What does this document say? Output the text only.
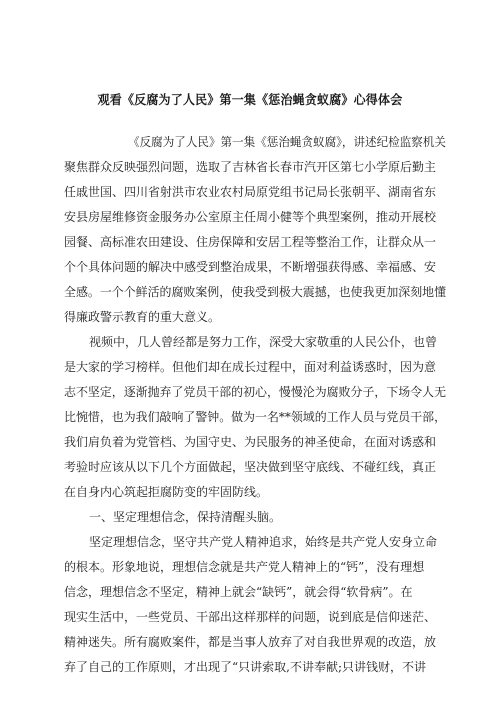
观看《反腐为了人民》第一集《惩治蝇贪蚁腐》心得体会
《反腐为了人民》第一集《惩治蝇贪蚁腐》，讲述纪检监察机关
聚焦群众反映强烈问题，选取了吉林省长春市汽开区第七小学原后勤主
任戚世国、四川省射洪市农业农村局原党组书记局长张朝平、湖南省东
安县房屋维修资金服务办公室原主任周小健等个典型案例，推动开展校
园餐、高标准农田建设、住房保障和安居工程等整治工作，让群众从一
个个具体问题的解决中感受到整治成果，不断增强获得感、幸福感、安
全感。一个个鲜活的腐败案例，使我受到极大震撼，也使我更加深刻地懂
得廉政警示教育的重大意义。
视频中，几人曾经都是努力工作，深受大家敬重的人民公仆，也曾
是大家的学习榜样。但他们却在成长过程中，面对利益诱惑时，因为意
志不坚定，逐渐抛弃了党员干部的初心，慢慢沦为腐败分子，下场令人无
比惋惜，也为我们敲响了警钟。做为一名**领域的工作人员与党员干部，
我们肩负着为党管档、为国守史、为民服务的神圣使命，在面对诱惑和
考验时应该从以下几个方面做起，坚决做到坚守底线、不碰红线，真正
在自身内心筑起拒腐防变的牢固防线。
一、坚定理想信念，保持清醒头脑。
坚定理想信念，坚守共产党人精神追求，始终是共产党人安身立命
的根本。形象地说，理想信念就是共产党人精神上的“钙”，没有理想
信念，理想信念不坚定，精神上就会“缺钙”，就会得“软骨病”。在
现实生活中，一些党员、干部出这样那样的问题，说到底是信仰迷茫、
精神迷失。所有腐败案件，都是当事人放弃了对自我世界观的改造，放
弃了自己的工作原则，才出现了“只讲索取,不讲奉献;只讲钱财，不讲
